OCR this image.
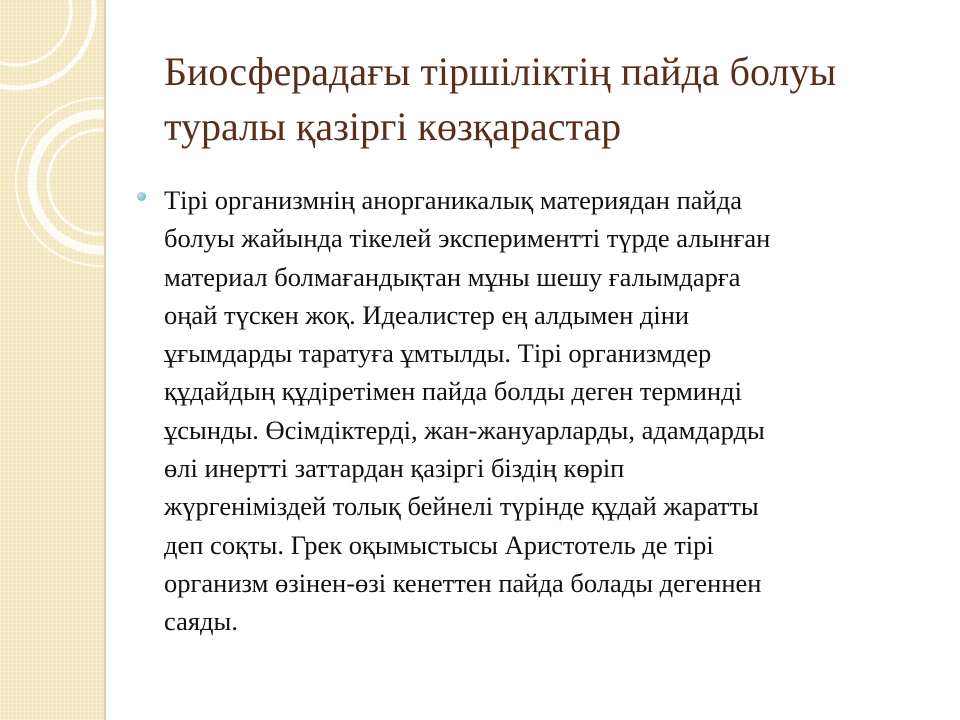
Биосферадағы тіршіліктің пайда болуы
туралы қазіргі көзқарастар
Тірі организмнің анорганикалық материядан пайда
болуы жайында тікелей эксперименттi түрде алынған
материал болмағандықтан мұны шешу ғалымдарға
оңай түскен жоқ. Идеалистер ең алдымен діни
ұғымдарды таратуға ұмтылды. Тірі организмдер
құдайдың құдіретімен пайда болды деген терминді
ұсынды. Өсімдіктерді, жан-жануарларды, адамдарды
өлі инертті заттардан қазіргі біздің көріп
жүргеніміздей толық бейнелі түрінде құдай жаратты
деп соқты. Грек оқымыстысы Аристотель де тірі
организм өзінен-өзі кенеттен пайда болады дегеннен
саяды.
